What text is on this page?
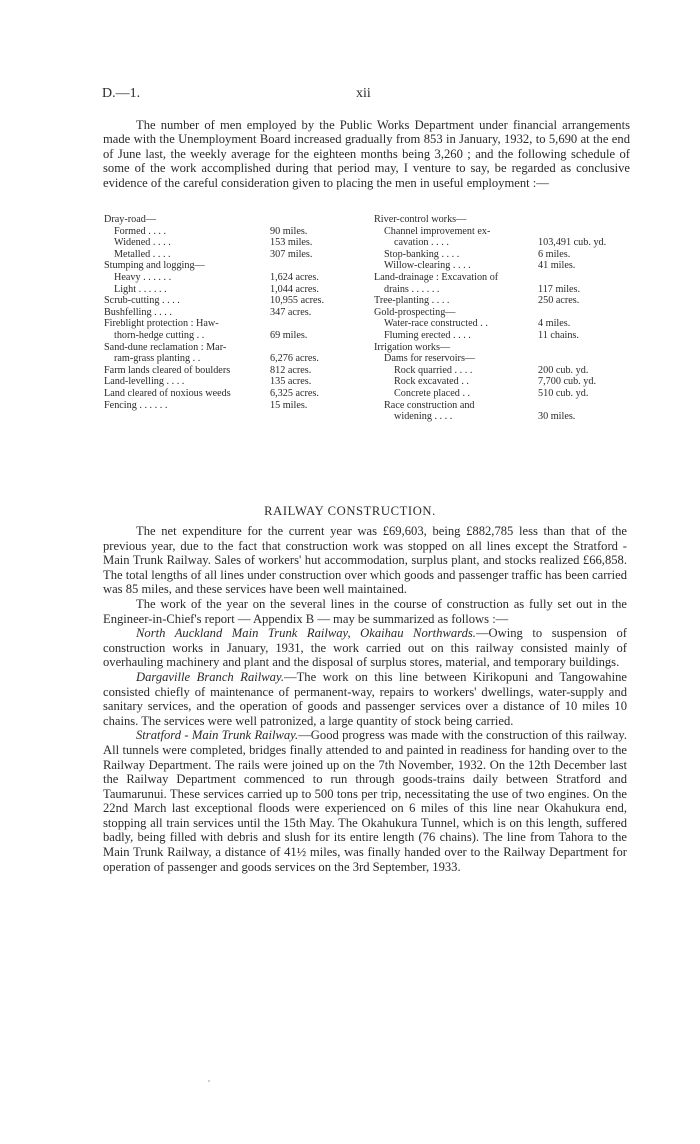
D.—1.	xii

The number of men employed by the Public Works Department under financial arrangements made with the Unemployment Board increased gradually from 853 in January, 1932, to 5,690 at the end of June last, the weekly average for the eighteen months being 3,260 ; and the following schedule of some of the work accomplished during that period may, I venture to say, be regarded as conclusive evidence of the careful consideration given to placing the men in useful employment :—

Dray-road—
Formed . . . .	90 miles.
Widened . . . .	153 miles.
Metalled . . . .	307 miles.
Stumping and logging—
Heavy . . . . . .	1,624 acres.
Light . . . . . .	1,044 acres.
Scrub-cutting . . . .	10,955 acres.
Bushfelling . . . .	347 acres.
Fireblight protection : Haw-
thorn-hedge cutting . .	69 miles.
Sand-dune reclamation : Mar-
ram-grass planting . .	6,276 acres.
Farm lands cleared of boulders	812 acres.
Land-levelling . . . .	135 acres.
Land cleared of noxious weeds	6,325 acres.
Fencing . . . . . .	15 miles.
River-control works—
Channel improvement ex-
cavation . . . .	103,491 cub. yd.
Stop-banking . . . .	6 miles.
Willow-clearing . . . .	41 miles.
Land-drainage : Excavation of
drains . . . . . .	117 miles.
Tree-planting . . . .	250 acres.
Gold-prospecting—
Water-race constructed . .	4 miles.
Fluming erected . . . .	11 chains.
Irrigation works—
Dams for reservoirs—
Rock quarried . . . .	200 cub. yd.
Rock excavated . .	7,700 cub. yd.
Concrete placed . .	510 cub. yd.
Race construction and
widening . . . .	30 miles.
RAILWAY CONSTRUCTION.

The net expenditure for the current year was £69,603, being £882,785 less than that of the previous year, due to the fact that construction work was stopped on all lines except the Stratford - Main Trunk Railway. Sales of workers' hut accommodation, surplus plant, and stocks realized £66,858. The total lengths of all lines under construction over which goods and passenger traffic has been carried was 85 miles, and these services have been well maintained.

The work of the year on the several lines in the course of construction as fully set out in the Engineer-in-Chief's report — Appendix B — may be summarized as follows :—

North Auckland Main Trunk Railway, Okaihau Northwards.—Owing to suspension of construction works in January, 1931, the work carried out on this railway consisted mainly of overhauling machinery and plant and the disposal of surplus stores, material, and temporary buildings.

Dargaville Branch Railway.—The work on this line between Kirikopuni and Tangowahine consisted chiefly of maintenance of permanent-way, repairs to workers' dwellings, water-supply and sanitary services, and the operation of goods and passenger services over a distance of 10 miles 10 chains. The services were well patronized, a large quantity of stock being carried.

Stratford - Main Trunk Railway.—Good progress was made with the construction of this railway. All tunnels were completed, bridges finally attended to and painted in readiness for handing over to the Railway Department. The rails were joined up on the 7th November, 1932. On the 12th December last the Railway Department commenced to run through goods-trains daily between Stratford and Taumarunui. These services carried up to 500 tons per trip, necessitating the use of two engines. On the 22nd March last exceptional floods were experienced on 6 miles of this line near Okahukura end, stopping all train services until the 15th May. The Okahukura Tunnel, which is on this length, suffered badly, being filled with debris and slush for its entire length (76 chains). The line from Tahora to the Main Trunk Railway, a distance of 41½ miles, was finally handed over to the Railway Department for operation of passenger and goods services on the 3rd September, 1933.
